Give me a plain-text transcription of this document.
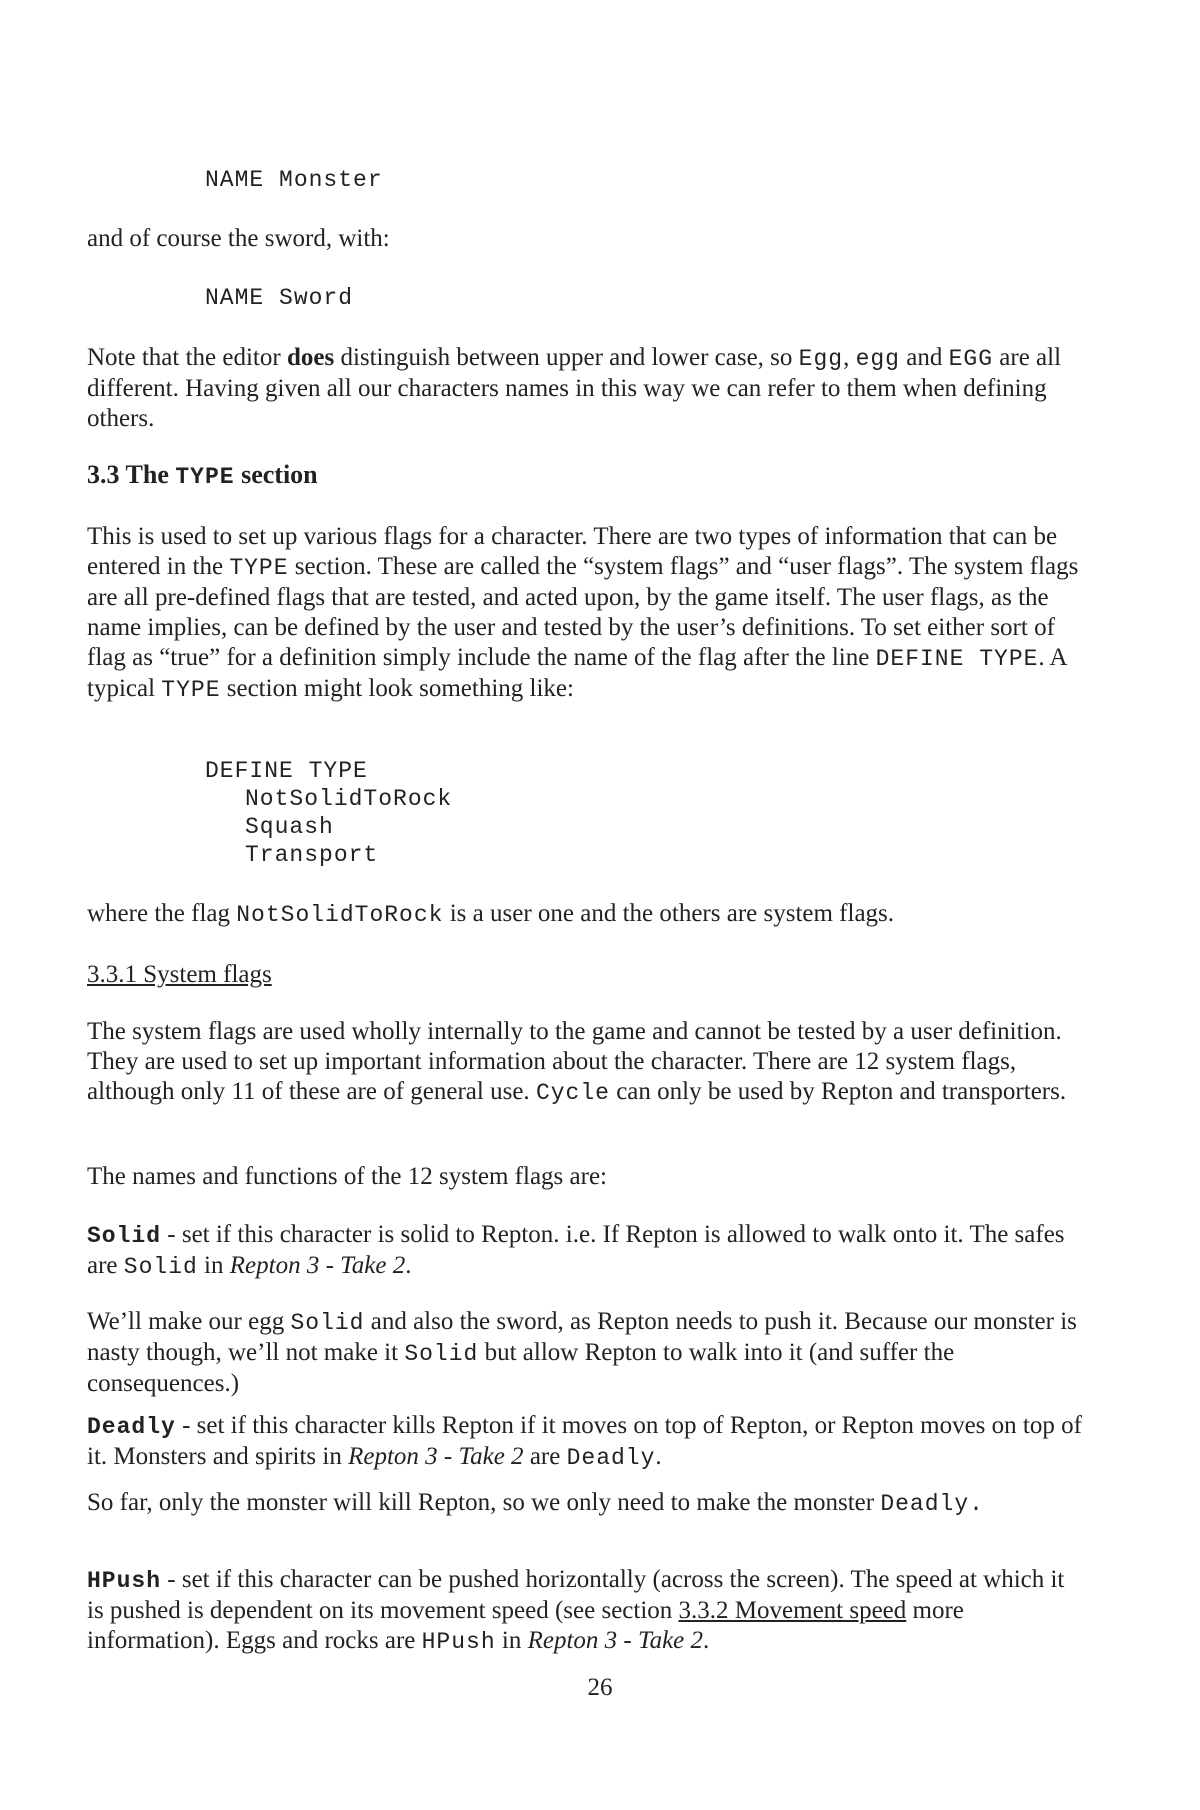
NAME Monster

and of course the sword, with:

NAME Sword

Note that the editor does distinguish between upper and lower case, so Egg, egg and EGG are all different. Having given all our characters names in this way we can refer to them when defining others.

3.3 The TYPE section

This is used to set up various flags for a character. There are two types of information that can be entered in the TYPE section. These are called the “system flags” and “user flags”. The system flags are all pre-defined flags that are tested, and acted upon, by the game itself. The user flags, as the name implies, can be defined by the user and tested by the user’s definitions. To set either sort of flag as “true” for a definition simply include the name of the flag after the line DEFINE TYPE. A typical TYPE section might look something like:

DEFINE TYPE
NotSolidToRock
Squash
Transport

where the flag NotSolidToRock is a user one and the others are system flags.

3.3.1 System flags

The system flags are used wholly internally to the game and cannot be tested by a user definition. They are used to set up important information about the character. There are 12 system flags, although only 11 of these are of general use. Cycle can only be used by Repton and transporters.

The names and functions of the 12 system flags are:

Solid - set if this character is solid to Repton. i.e. If Repton is allowed to walk onto it. The safes are Solid in Repton 3 - Take 2.

We’ll make our egg Solid and also the sword, as Repton needs to push it. Because our monster is nasty though, we’ll not make it Solid but allow Repton to walk into it (and suffer the consequences.)

Deadly - set if this character kills Repton if it moves on top of Repton, or Repton moves on top of it. Monsters and spirits in Repton 3 - Take 2 are Deadly.

So far, only the monster will kill Repton, so we only need to make the monster Deadly.

HPush - set if this character can be pushed horizontally (across the screen). The speed at which it is pushed is dependent on its movement speed (see section 3.3.2 Movement speed more information). Eggs and rocks are HPush in Repton 3 - Take 2.

26
